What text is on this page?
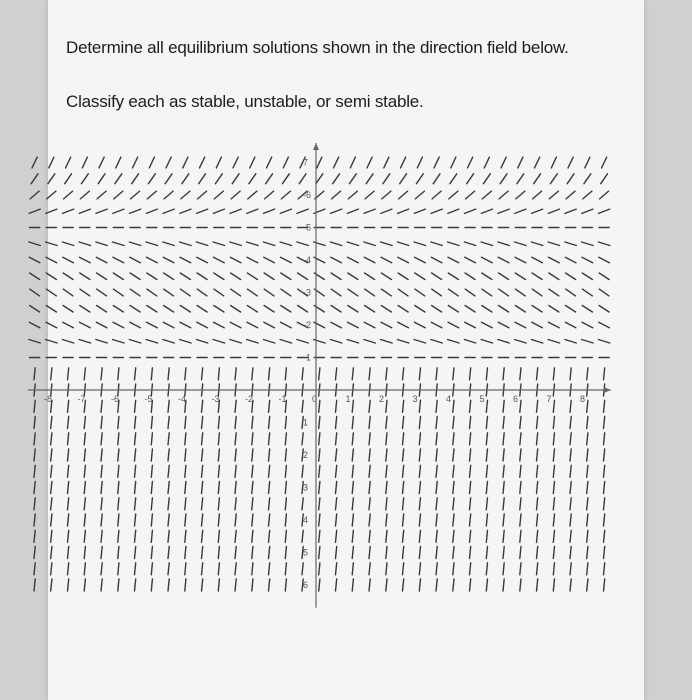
Determine all equilibrium solutions shown in the direction field below.
Classify each as stable, unstable, or semi stable.
-8	-7	-6	-5	-4	-3	-2	-1	0	1	2	3	4	5	6	7	8
6
5
4
3
2
1
-1
-2
-3
-4
-5
-6
7
